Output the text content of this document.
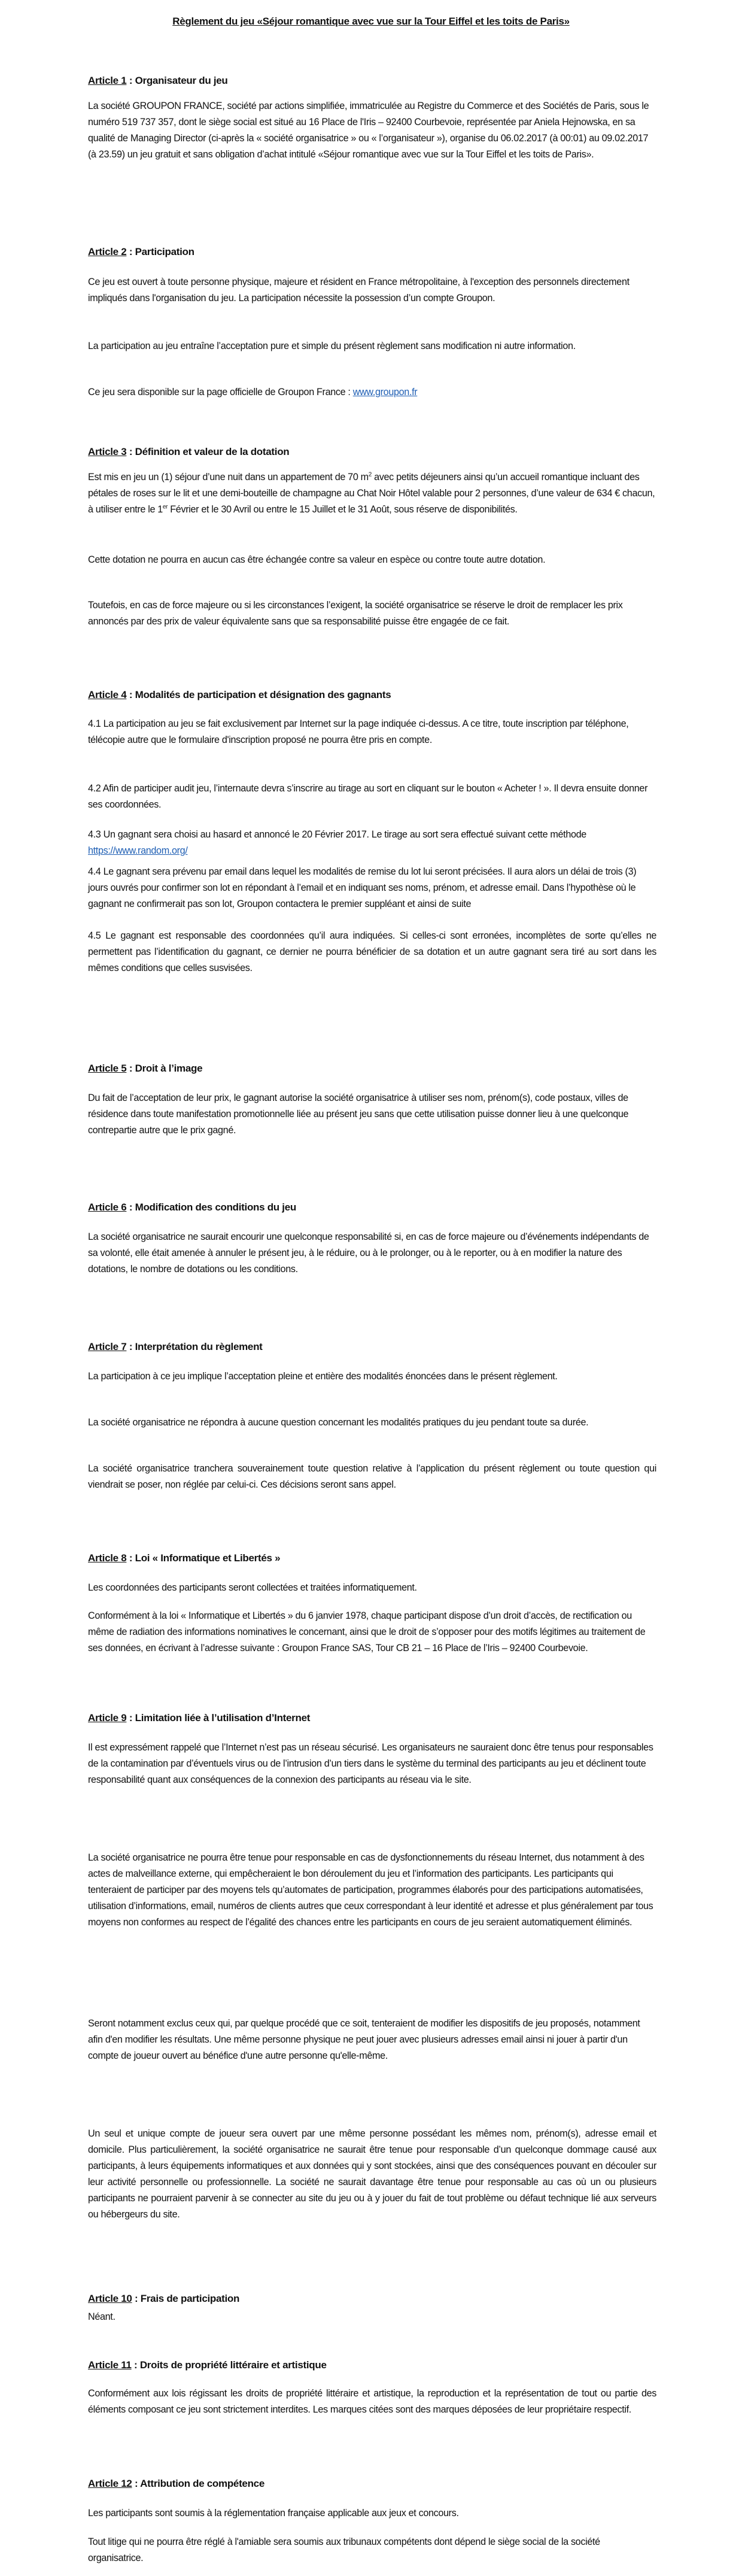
Règlement du jeu «Séjour romantique avec vue sur la Tour Eiffel et les toits de Paris»
Article 1 : Organisateur du jeu

La société GROUPON FRANCE, société par actions simplifiée, immatriculée au Registre du Commerce et des Sociétés de Paris, sous le numéro 519 737 357, dont le siège social est situé au 16 Place de l'Iris – 92400 Courbevoie, représentée par Aniela Hejnowska, en sa qualité de Managing Director (ci-après la « société organisatrice » ou « l’organisateur »), organise du 06.02.2017 (à 00:01) au 09.02.2017 (à 23.59) un jeu gratuit et sans obligation d’achat intitulé «Séjour romantique avec vue sur la Tour Eiffel et les toits de Paris».

Article 2 : Participation

Ce jeu est ouvert à toute personne physique, majeure et résident en France métropolitaine, à l'exception des personnels directement impliqués dans l'organisation du jeu. La participation nécessite la possession d’un compte Groupon.

La participation au jeu entraîne l’acceptation pure et simple du présent règlement sans modification ni autre information.

Ce jeu sera disponible sur la page officielle de Groupon France : www.groupon.fr

Article 3 : Définition et valeur de la dotation

Est mis en jeu un (1) séjour d’une nuit dans un appartement de 70 $m^2$ avec petits déjeuners ainsi qu’un accueil romantique incluant des pétales de roses sur le lit et une demi-bouteille de champagne au Chat Noir Hôtel valable pour 2 personnes, d’une valeur de 634 € chacun, à utiliser entre le 1er Février et le 30 Avril ou entre le 15 Juillet et le 31 Août, sous réserve de disponibilités.

Cette dotation ne pourra en aucun cas être échangée contre sa valeur en espèce ou contre toute autre dotation.

Toutefois, en cas de force majeure ou si les circonstances l’exigent, la société organisatrice se réserve le droit de remplacer les prix annoncés par des prix de valeur équivalente sans que sa responsabilité puisse être engagée de ce fait.

Article 4 : Modalités de participation et désignation des gagnants

4.1 La participation au jeu se fait exclusivement par Internet sur la page indiquée ci-dessus. A ce titre, toute inscription par téléphone, télécopie autre que le formulaire d'inscription proposé ne pourra être pris en compte.

4.2 Afin de participer audit jeu, l’internaute devra s’inscrire au tirage au sort en cliquant sur le bouton « Acheter ! ». Il devra ensuite donner ses coordonnées.

4.3 Un gagnant sera choisi au hasard et annoncé le 20 Février 2017. Le tirage au sort sera effectué suivant cette méthode https://www.random.org/

4.4 Le gagnant sera prévenu par email dans lequel les modalités de remise du lot lui seront précisées. Il aura alors un délai de trois (3) jours ouvrés pour confirmer son lot en répondant à l’email et en indiquant ses noms, prénom, et adresse email. Dans l’hypothèse où le gagnant ne confirmerait pas son lot, Groupon contactera le premier suppléant et ainsi de suite

4.5 Le gagnant est responsable des coordonnées qu’il aura indiquées. Si celles-ci sont erronées, incomplètes de sorte qu’elles ne permettent pas l’identification du gagnant, ce dernier ne pourra bénéficier de sa dotation et un autre gagnant sera tiré au sort dans les mêmes conditions que celles susvisées.

Article 5 : Droit à l’image

Du fait de l’acceptation de leur prix, le gagnant autorise la société organisatrice à utiliser ses nom, prénom(s), code postaux, villes de résidence dans toute manifestation promotionnelle liée au présent jeu sans que cette utilisation puisse donner lieu à une quelconque contrepartie autre que le prix gagné.

Article 6 : Modification des conditions du jeu

La société organisatrice ne saurait encourir une quelconque responsabilité si, en cas de force majeure ou d’événements indépendants de sa volonté, elle était amenée à annuler le présent jeu, à le réduire, ou à le prolonger, ou à le reporter, ou à en modifier la nature des dotations, le nombre de dotations ou les conditions.

Article 7 : Interprétation du règlement

La participation à ce jeu implique l’acceptation pleine et entière des modalités énoncées dans le présent règlement.

La société organisatrice ne répondra à aucune question concernant les modalités pratiques du jeu pendant toute sa durée.

La société organisatrice tranchera souverainement toute question relative à l’application du présent règlement ou toute question qui viendrait se poser, non réglée par celui-ci. Ces décisions seront sans appel.

Article 8 : Loi « Informatique et Libertés »

Les coordonnées des participants seront collectées et traitées informatiquement.

Conformément à la loi « Informatique et Libertés » du 6 janvier 1978, chaque participant dispose d’un droit d’accès, de rectification ou même de radiation des informations nominatives le concernant, ainsi que le droit de s’opposer pour des motifs légitimes au traitement de ses données, en écrivant à l’adresse suivante : Groupon France SAS, Tour CB 21 – 16 Place de l’Iris – 92400 Courbevoie.

Article 9 : Limitation liée à l’utilisation d’Internet

Il est expressément rappelé que l’Internet n’est pas un réseau sécurisé. Les organisateurs ne sauraient donc être tenus pour responsables de la contamination par d’éventuels virus ou de l’intrusion d’un tiers dans le système du terminal des participants au jeu et déclinent toute responsabilité quant aux conséquences de la connexion des participants au réseau via le site.

La société organisatrice ne pourra être tenue pour responsable en cas de dysfonctionnements du réseau Internet, dus notamment à des actes de malveillance externe, qui empêcheraient le bon déroulement du jeu et l’information des participants. Les participants qui tenteraient de participer par des moyens tels qu’automates de participation, programmes élaborés pour des participations automatisées, utilisation d’informations, email, numéros de clients autres que ceux correspondant à leur identité et adresse et plus généralement par tous moyens non conformes au respect de l’égalité des chances entre les participants en cours de jeu seraient automatiquement éliminés.

Seront notamment exclus ceux qui, par quelque procédé que ce soit, tenteraient de modifier les dispositifs de jeu proposés, notamment afin d'en modifier les résultats. Une même personne physique ne peut jouer avec plusieurs adresses email ainsi ni jouer à partir d'un compte de joueur ouvert au bénéfice d'une autre personne qu'elle-même.

Un seul et unique compte de joueur sera ouvert par une même personne possédant les mêmes nom, prénom(s), adresse email et domicile. Plus particulièrement, la société organisatrice ne saurait être tenue pour responsable d’un quelconque dommage causé aux participants, à leurs équipements informatiques et aux données qui y sont stockées, ainsi que des conséquences pouvant en découler sur leur activité personnelle ou professionnelle. La société ne saurait davantage être tenue pour responsable au cas où un ou plusieurs participants ne pourraient parvenir à se connecter au site du jeu ou à y jouer du fait de tout problème ou défaut technique lié aux serveurs ou hébergeurs du site.

Article 10 : Frais de participation

Néant.

Article 11 : Droits de propriété littéraire et artistique

Conformément aux lois régissant les droits de propriété littéraire et artistique, la reproduction et la représentation de tout ou partie des éléments composant ce jeu sont strictement interdites. Les marques citées sont des marques déposées de leur propriétaire respectif.

Article 12 : Attribution de compétence

Les participants sont soumis à la réglementation française applicable aux jeux et concours.

Tout litige qui ne pourra être réglé à l'amiable sera soumis aux tribunaux compétents dont dépend le siège social de la société organisatrice.
